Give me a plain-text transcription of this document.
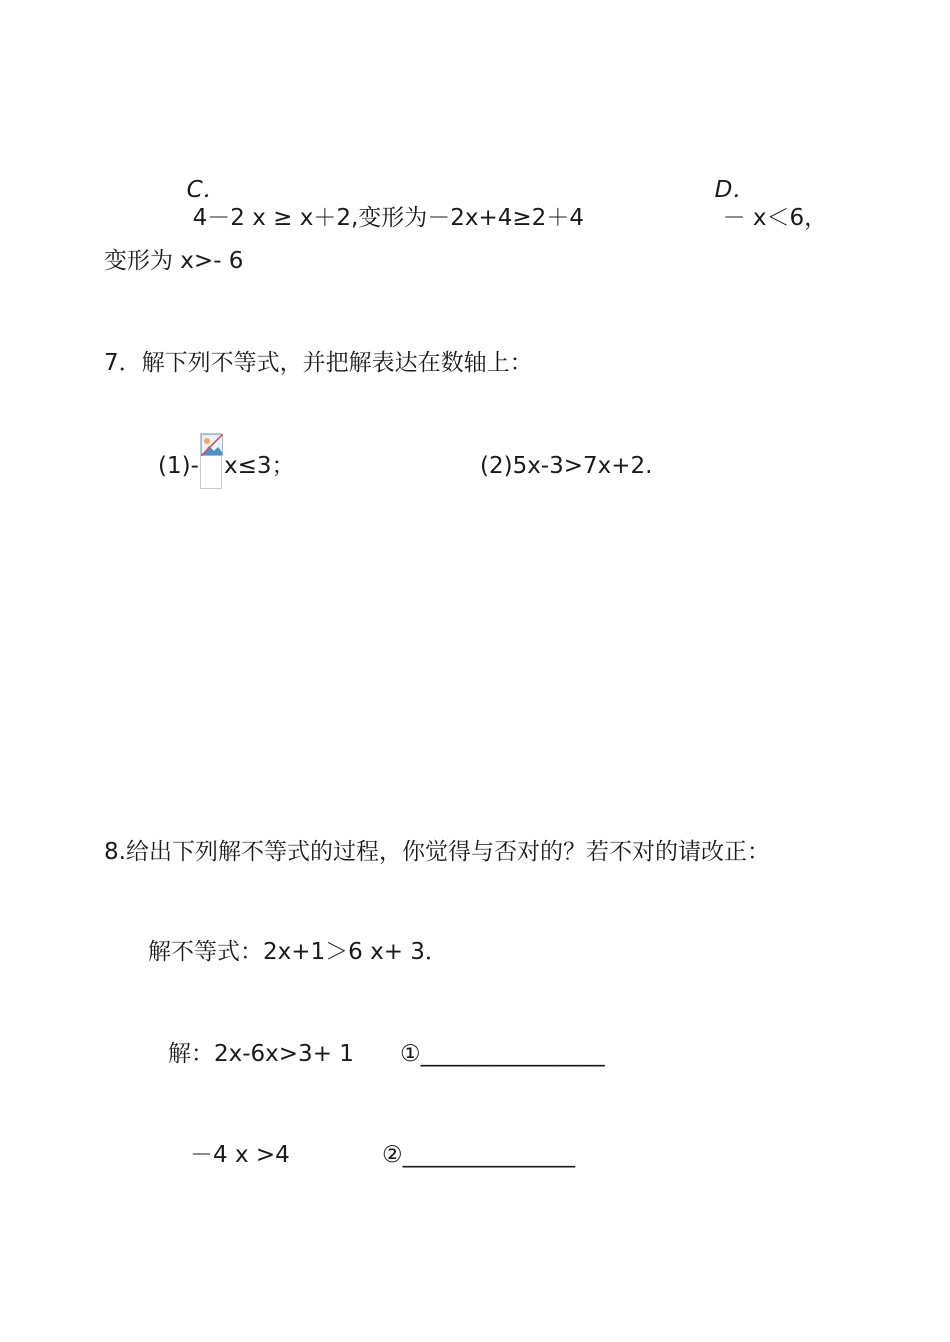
C．
4－2 x ≥ x＋2,变形为－2x+4≥2＋4

D．
－ x＜6，

变形为 x>- 6
7．解下列不等式，并把解表达在数轴上：
(1)- x≤3；	(2)5x-3>7x+2.
8.给出下列解不等式的过程，你觉得与否对的？若不对的请改正：
解不等式：2x+1＞6 x+ 3．
解：2x-6x>3+ 1 ①________________
－4 x >4	②_______________
